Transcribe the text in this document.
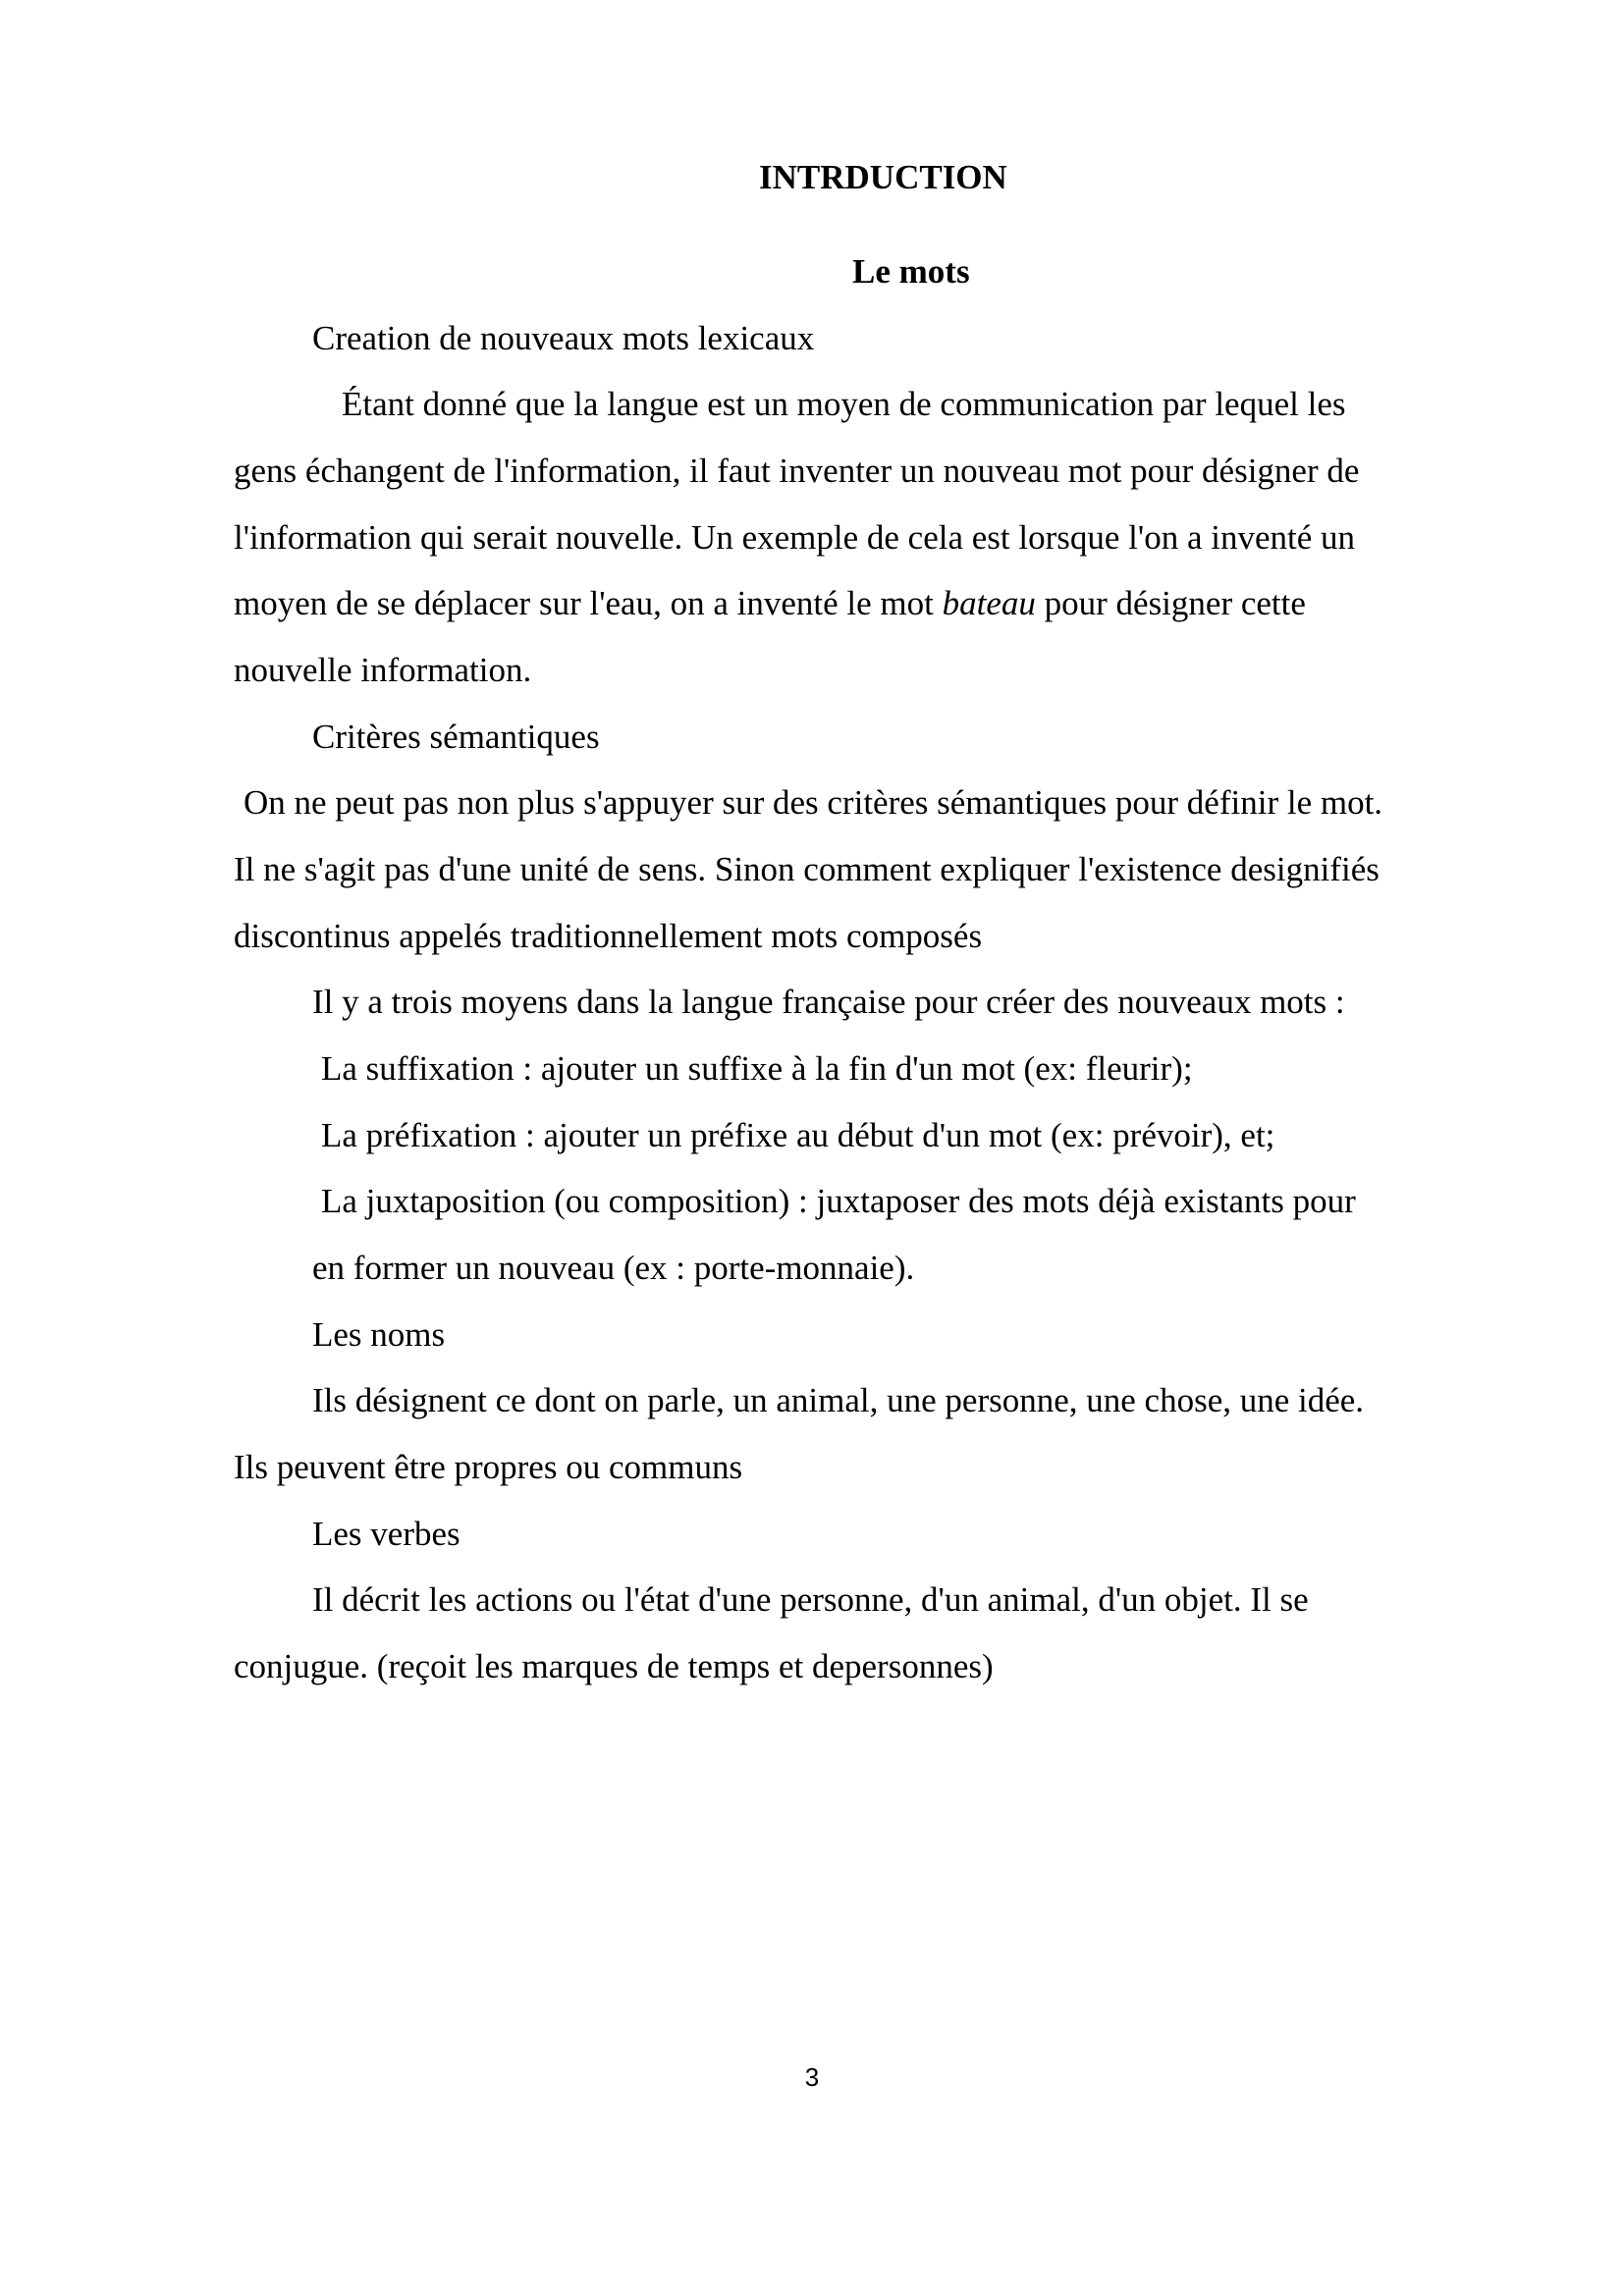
INTRDUCTION
Le mots
Creation de nouveaux mots lexicaux
Étant donné que la langue est un moyen de communication par lequel les
gens échangent de l'information, il faut inventer un nouveau mot pour désigner de
l'information qui serait nouvelle. Un exemple de cela est lorsque l'on a inventé un
moyen de se déplacer sur l'eau, on a inventé le mot bateau pour désigner cette
nouvelle information.
Critères sémantiques
On ne peut pas non plus s'appuyer sur des critères sémantiques pour définir le mot.
Il ne s'agit pas d'une unité de sens. Sinon comment expliquer l'existence designifiés
discontinus appelés traditionnellement mots composés
Il y a trois moyens dans la langue française pour créer des nouveaux mots :
La suffixation : ajouter un suffixe à la fin d'un mot (ex: fleurir);
La préfixation : ajouter un préfixe au début d'un mot (ex: prévoir), et;
La juxtaposition (ou composition) : juxtaposer des mots déjà existants pour
en former un nouveau (ex : porte-monnaie).
Les noms
Ils désignent ce dont on parle, un animal, une personne, une chose, une idée.
Ils peuvent être propres ou communs
Les verbes
Il décrit les actions ou l'état d'une personne, d'un animal, d'un objet. Il se
conjugue. (reçoit les marques de temps et depersonnes)
3
